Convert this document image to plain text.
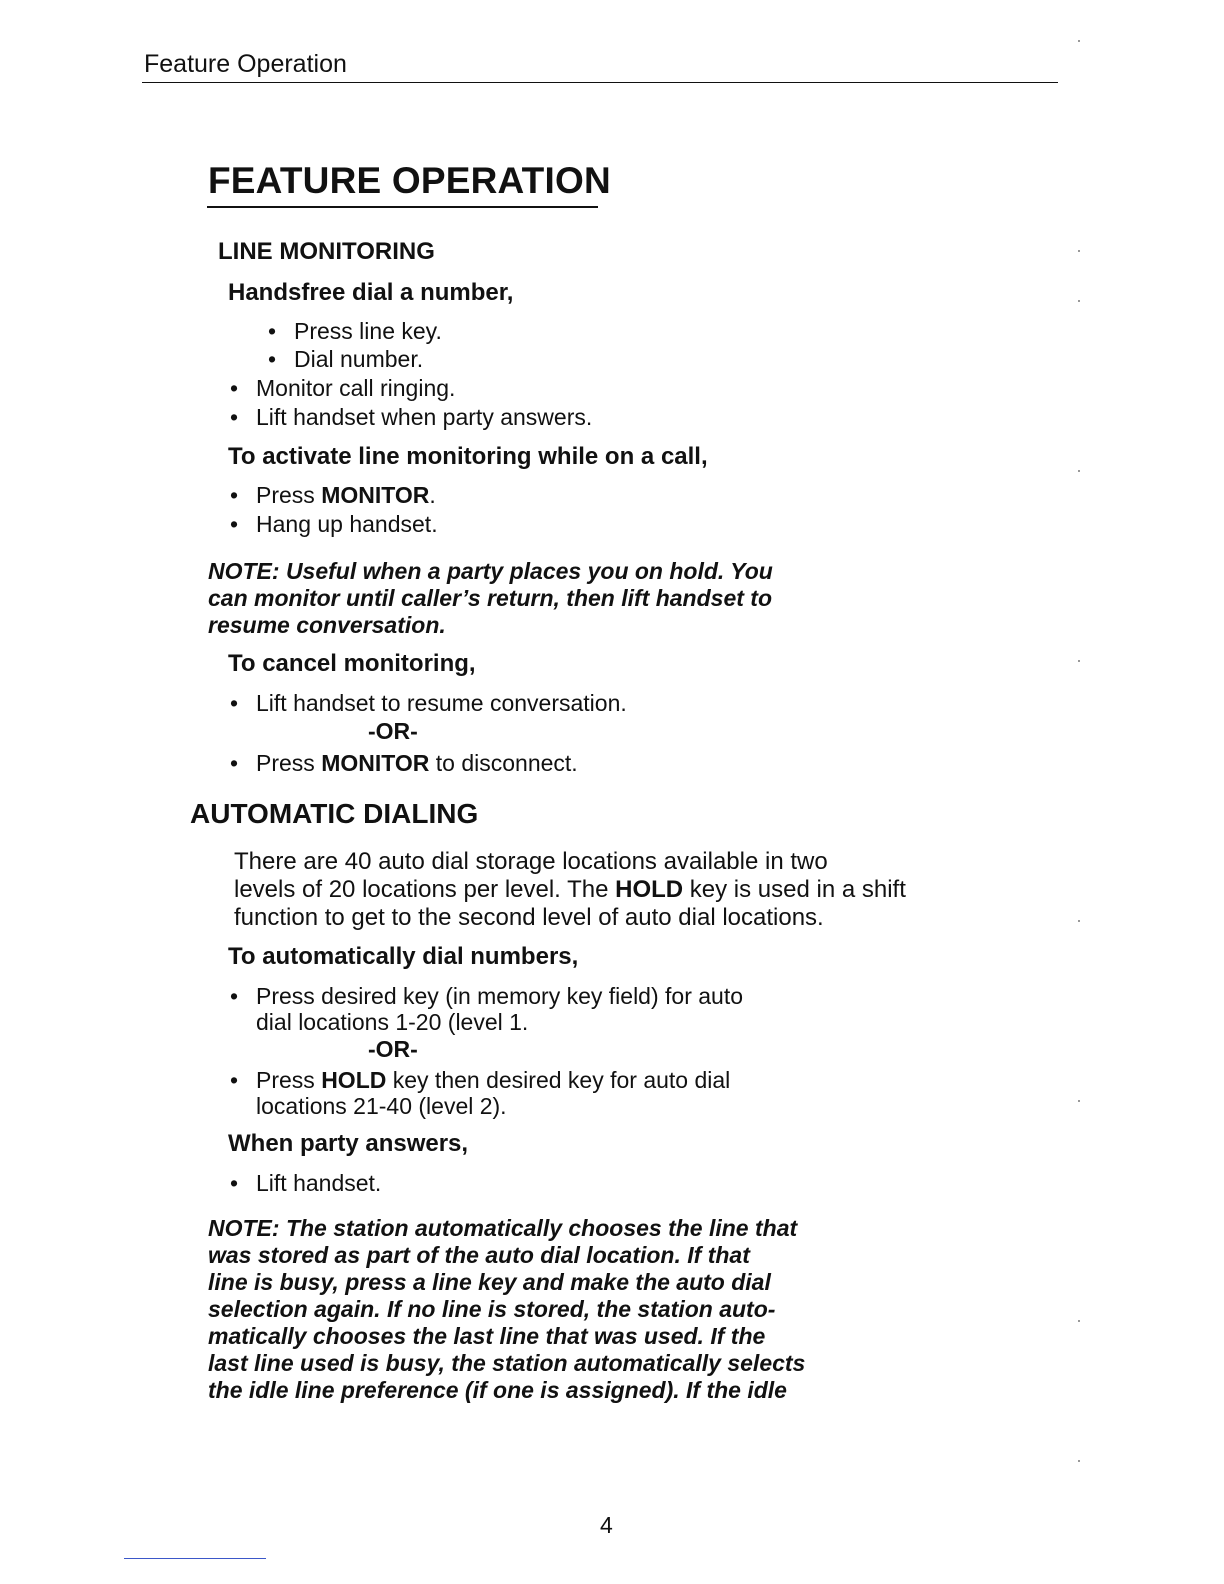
Feature Operation
FEATURE OPERATION
LINE MONITORING
Handsfree dial a number,
• Press line key.
• Dial number.
• Monitor call ringing.
• Lift handset when party answers.
To activate line monitoring while on a call,
• Press MONITOR.
• Hang up handset.
NOTE: Useful when a party places you on hold. You
can monitor until caller’s return, then lift handset to
resume conversation.
To cancel monitoring,
• Lift handset to resume conversation.
-OR-
• Press MONITOR to disconnect.
AUTOMATIC DIALING
There are 40 auto dial storage locations available in two
levels of 20 locations per level. The HOLD key is used in a shift
function to get to the second level of auto dial locations.
To automatically dial numbers,
• Press desired key (in memory key field) for auto
dial locations 1-20 (level 1.
-OR-
• Press HOLD key then desired key for auto dial
locations 21-40 (level 2).
When party answers,
• Lift handset.
NOTE: The station automatically chooses the line that
was stored as part of the auto dial location. If that
line is busy, press a line key and make the auto dial
selection again. If no line is stored, the station auto-
matically chooses the last line that was used. If the
last line used is busy, the station automatically selects
the idle line preference (if one is assigned). If the idle
4
